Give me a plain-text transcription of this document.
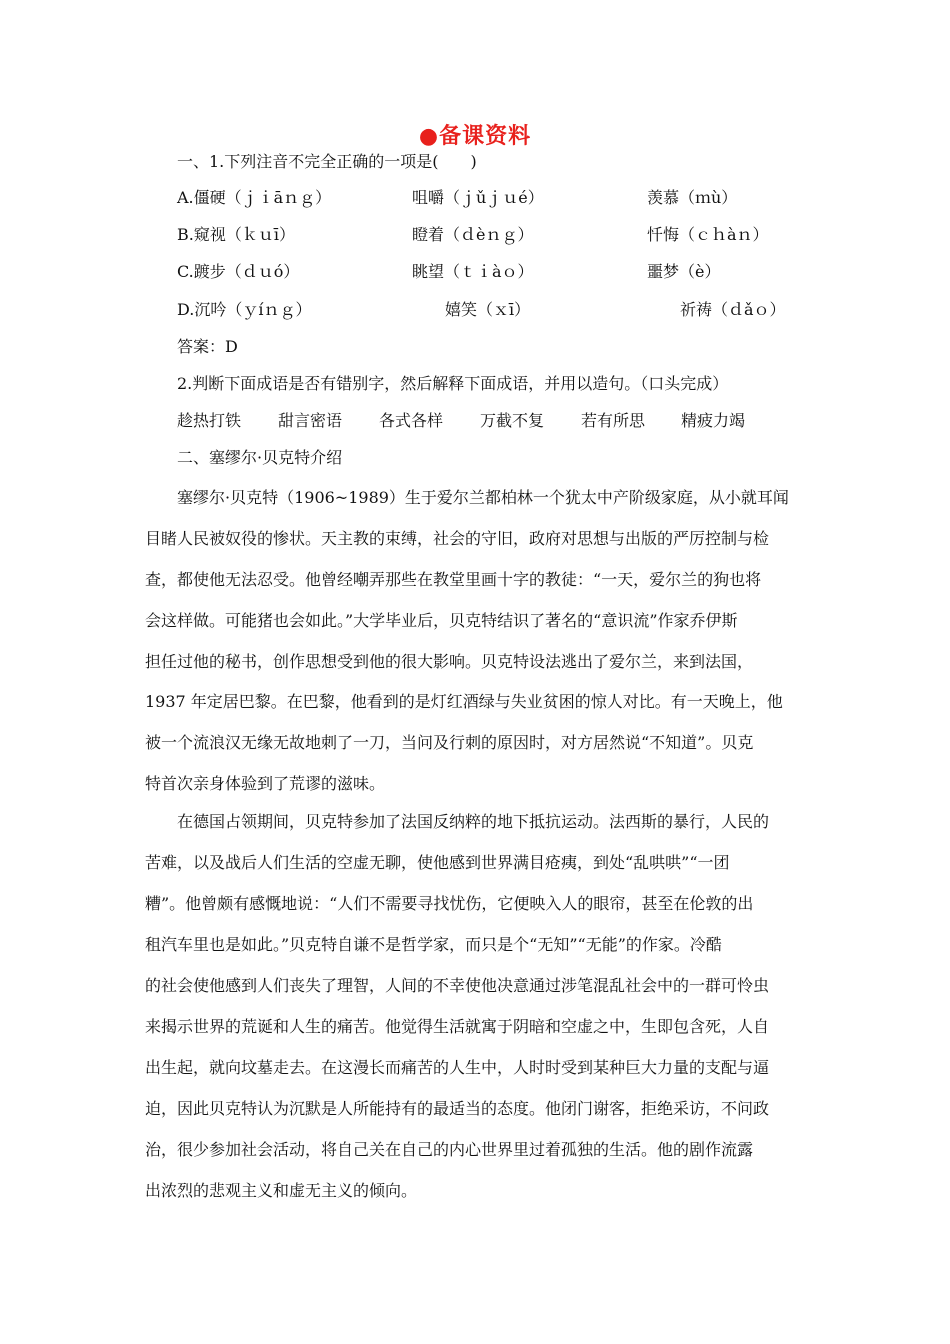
●备课资料
一、1.下列注音不完全正确的一项是(　　)
A.僵硬（ｊｉāｎｇ）	咀嚼（ｊǔｊｕé）	羡慕（ｍù）
B.窥视（ｋｕī）	瞪着（ｄèｎｇ）	忏悔（ｃｈàｎ）
C.踱步（ｄｕó）	眺望（ｔｉàｏ）	噩梦（è）
D.沉吟（ｙíｎｇ）	嬉笑（ｘī）	祈祷（ｄǎｏ）
答案：D
2.判断下面成语是否有错别字，然后解释下面成语，并用以造句。（口头完成）
趁热打铁 甜言密语 各式各样 万截不复 若有所思 精疲力竭
二、塞缪尔·贝克特介绍
塞缪尔·贝克特（1906~1989）生于爱尔兰都柏林一个犹太中产阶级家庭，从小就耳闻
目睹人民被奴役的惨状。天主教的束缚，社会的守旧，政府对思想与出版的严厉控制与检
查，都使他无法忍受。他曾经嘲弄那些在教堂里画十字的教徒：“一天，爱尔兰的狗也将
会这样做。可能猪也会如此。”大学毕业后，贝克特结识了著名的“意识流”作家乔伊斯
担任过他的秘书，创作思想受到他的很大影响。贝克特设法逃出了爱尔兰，来到法国，
1937 年定居巴黎。在巴黎，他看到的是灯红酒绿与失业贫困的惊人对比。有一天晚上，他
被一个流浪汉无缘无故地刺了一刀，当问及行刺的原因时，对方居然说“不知道”。贝克
特首次亲身体验到了荒谬的滋味。
在德国占领期间，贝克特参加了法国反纳粹的地下抵抗运动。法西斯的暴行，人民的
苦难，以及战后人们生活的空虚无聊，使他感到世界满目疮痍，到处“乱哄哄”“一团
糟”。他曾颇有感慨地说：“人们不需要寻找忧伤，它便映入人的眼帘，甚至在伦敦的出
租汽车里也是如此。”贝克特自谦不是哲学家，而只是个“无知”“无能”的作家。冷酷
的社会使他感到人们丧失了理智，人间的不幸使他决意通过涉笔混乱社会中的一群可怜虫
来揭示世界的荒诞和人生的痛苦。他觉得生活就寓于阴暗和空虚之中，生即包含死，人自
出生起，就向坟墓走去。在这漫长而痛苦的人生中，人时时受到某种巨大力量的支配与逼
迫，因此贝克特认为沉默是人所能持有的最适当的态度。他闭门谢客，拒绝采访，不问政
治，很少参加社会活动，将自己关在自己的内心世界里过着孤独的生活。他的剧作流露
出浓烈的悲观主义和虚无主义的倾向。
